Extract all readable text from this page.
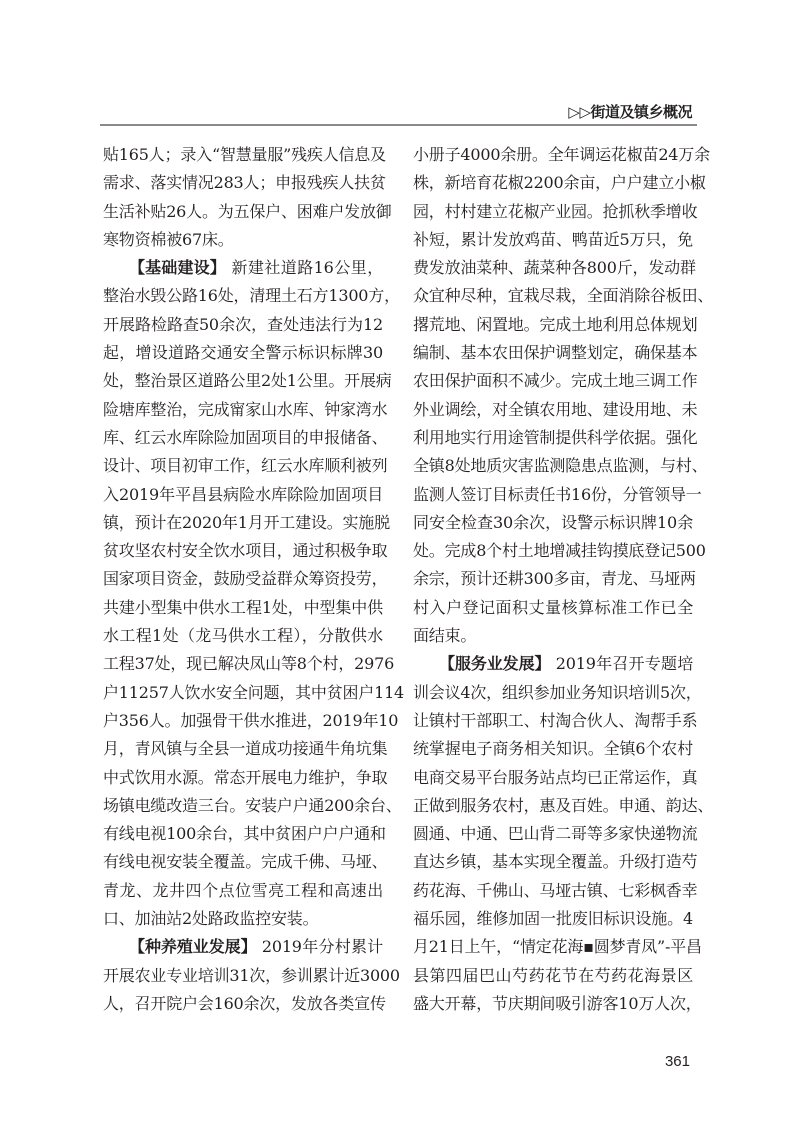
▷▷街道及镇乡概况
贴165人；录入“智慧量服”残疾人信息及
需求、落实情况283人；申报残疾人扶贫
生活补贴26人。为五保户、困难户发放御
寒物资棉被67床。
【基础建设】 新建社道路16公里，
整治水毁公路16处，清理土石方1300方，
开展路检路查50余次，查处违法行为12
起，增设道路交通安全警示标识标牌30
处，整治景区道路公里2处1公里。开展病
险塘库整治，完成甯家山水库、钟家湾水
库、红云水库除险加固项目的申报储备、
设计、项目初审工作，红云水库顺利被列
入2019年平昌县病险水库除险加固项目
镇，预计在2020年1月开工建设。实施脱
贫攻坚农村安全饮水项目，通过积极争取
国家项目资金，鼓励受益群众筹资投劳，
共建小型集中供水工程1处，中型集中供
水工程1处（龙马供水工程），分散供水
工程37处，现已解决凤山等8个村，2976
户11257人饮水安全问题，其中贫困户114
户356人。加强骨干供水推进，2019年10
月，青风镇与全县一道成功接通牛角坑集
中式饮用水源。常态开展电力维护，争取
场镇电缆改造三台。安装户户通200余台、
有线电视100余台，其中贫困户户户通和
有线电视安装全覆盖。完成千佛、马垭、
青龙、龙井四个点位雪亮工程和高速出
口、加油站2处路政监控安装。
【种养殖业发展】 2019年分村累计
开展农业专业培训31次，参训累计近3000
人，召开院户会160余次，发放各类宣传
小册子4000余册。全年调运花椒苗24万余
株，新培育花椒2200余亩，户户建立小椒
园，村村建立花椒产业园。抢抓秋季增收
补短，累计发放鸡苗、鸭苗近5万只，免
费发放油菜种、蔬菜种各800斤，发动群
众宜种尽种，宜栽尽栽，全面消除谷板田、
撂荒地、闲置地。完成土地利用总体规划
编制、基本农田保护调整划定，确保基本
农田保护面积不减少。完成土地三调工作
外业调绘，对全镇农用地、建设用地、未
利用地实行用途管制提供科学依据。强化
全镇8处地质灾害监测隐患点监测，与村、
监测人签订目标责任书16份，分管领导一
同安全检查30余次，设警示标识牌10余
处。完成8个村土地增减挂钩摸底登记500
余宗，预计还耕300多亩，青龙、马垭两
村入户登记面积丈量核算标准工作已全
面结束。
【服务业发展】 2019年召开专题培
训会议4次，组织参加业务知识培训5次，
让镇村干部职工、村淘合伙人、淘帮手系
统掌握电子商务相关知识。全镇6个农村
电商交易平台服务站点均已正常运作，真
正做到服务农村，惠及百姓。申通、韵达、
圆通、中通、巴山背二哥等多家快递物流
直达乡镇，基本实现全覆盖。升级打造芍
药花海、千佛山、马垭古镇、七彩枫香幸
福乐园，维修加固一批废旧标识设施。4
月21日上午，“情定花海▪圆梦青凤”-平昌
县第四届巴山芍药花节在芍药花海景区
盛大开幕，节庆期间吸引游客10万人次，
361
